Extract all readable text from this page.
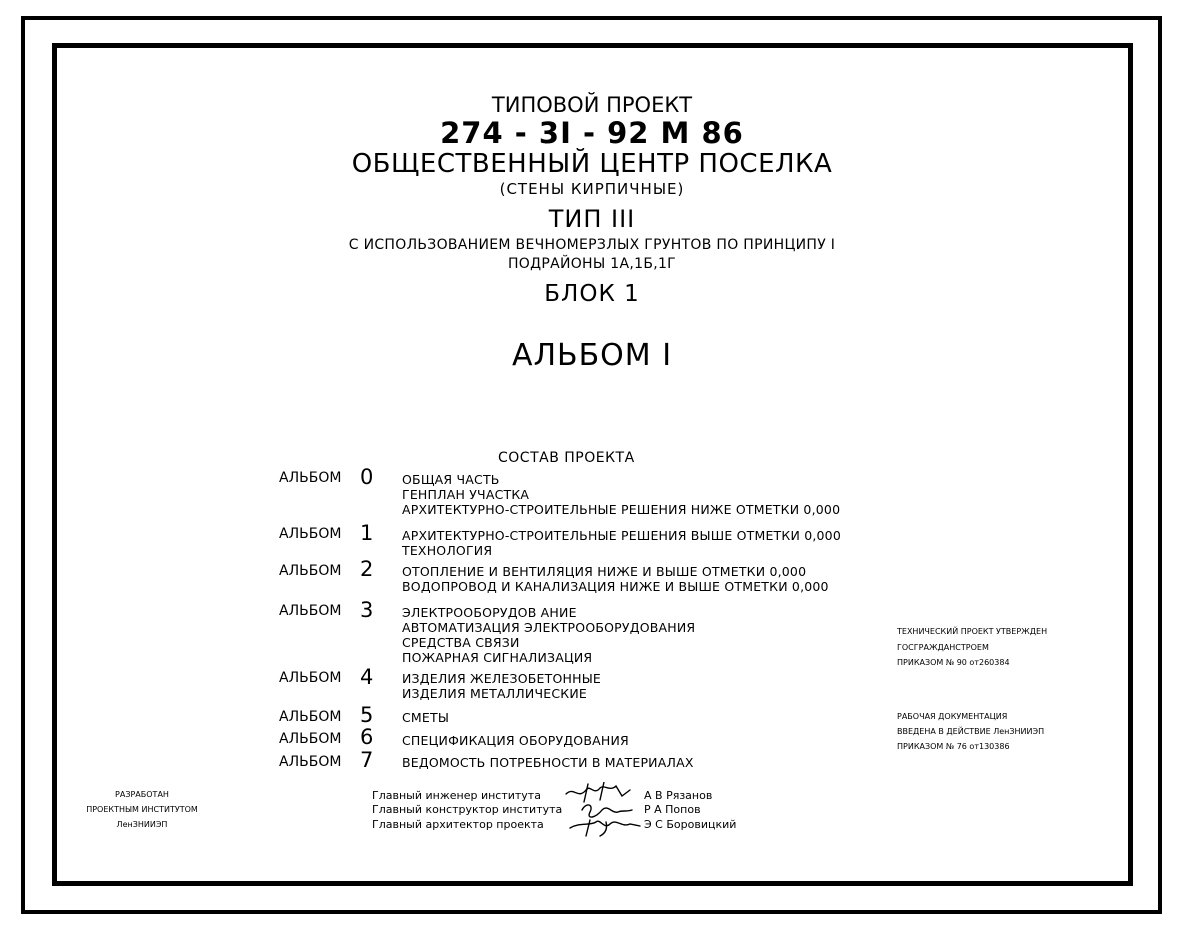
ТИПОВОЙ ПРОЕКТ
274 - 3I - 92 М 86
ОБЩЕСТВЕННЫЙ ЦЕНТР ПОСЕЛКА
(СТЕНЫ КИРПИЧНЫЕ)
ТИП III
С ИСПОЛЬЗОВАНИЕМ ВЕЧНОМЕРЗЛЫХ ГРУНТОВ ПО ПРИНЦИПУ I
ПОДРАЙОНЫ 1А,1Б,1Г
БЛОК 1
АЛЬБОМ I
СОСТАВ ПРОЕКТА
АЛЬБОМ 0 ОБЩАЯ ЧАСТЬ
ГЕНПЛАН УЧАСТКА
АРХИТЕКТУРНО-СТРОИТЕЛЬНЫЕ РЕШЕНИЯ НИЖЕ ОТМЕТКИ 0,000
АЛЬБОМ 1 АРХИТЕКТУРНО-СТРОИТЕЛЬНЫЕ РЕШЕНИЯ ВЫШЕ ОТМЕТКИ 0,000
ТЕХНОЛОГИЯ
АЛЬБОМ 2 ОТОПЛЕНИЕ И ВЕНТИЛЯЦИЯ НИЖЕ И ВЫШЕ ОТМЕТКИ 0,000
ВОДОПРОВОД И КАНАЛИЗАЦИЯ НИЖЕ И ВЫШЕ ОТМЕТКИ 0,000
АЛЬБОМ 3 ЭЛЕКТРООБОРУДОВ АНИЕ
АВТОМАТИЗАЦИЯ ЭЛЕКТРООБОРУДОВАНИЯ
СРЕДСТВА СВЯЗИ
ПОЖАРНАЯ СИГНАЛИЗАЦИЯ
АЛЬБОМ 4 ИЗДЕЛИЯ ЖЕЛЕЗОБЕТОННЫЕ
ИЗДЕЛИЯ МЕТАЛЛИЧЕСКИЕ
АЛЬБОМ 5 СМЕТЫ
АЛЬБОМ 6 СПЕЦИФИКАЦИЯ ОБОРУДОВАНИЯ
АЛЬБОМ 7 ВЕДОМОСТЬ ПОТРЕБНОСТИ В МАТЕРИАЛАХ
ТЕХНИЧЕСКИЙ ПРОЕКТ УТВЕРЖДЕН
ГОСГРАЖДАНСТРОЕМ
ПРИКАЗОМ № 90 от260384
РАБОЧАЯ ДОКУМЕНТАЦИЯ
ВВЕДЕНА В ДЕЙСТВИЕ ЛенЗНИИЭП
ПРИКАЗОМ № 76 от130386
РАЗРАБОТАН
ПРОЕКТНЫМ ИНСТИТУТОМ
ЛенЗНИИЭП
Главный инженер института
Главный конструктор института
Главный архитектор проекта
А В Рязанов
Р А Попов
Э С Боровицкий
